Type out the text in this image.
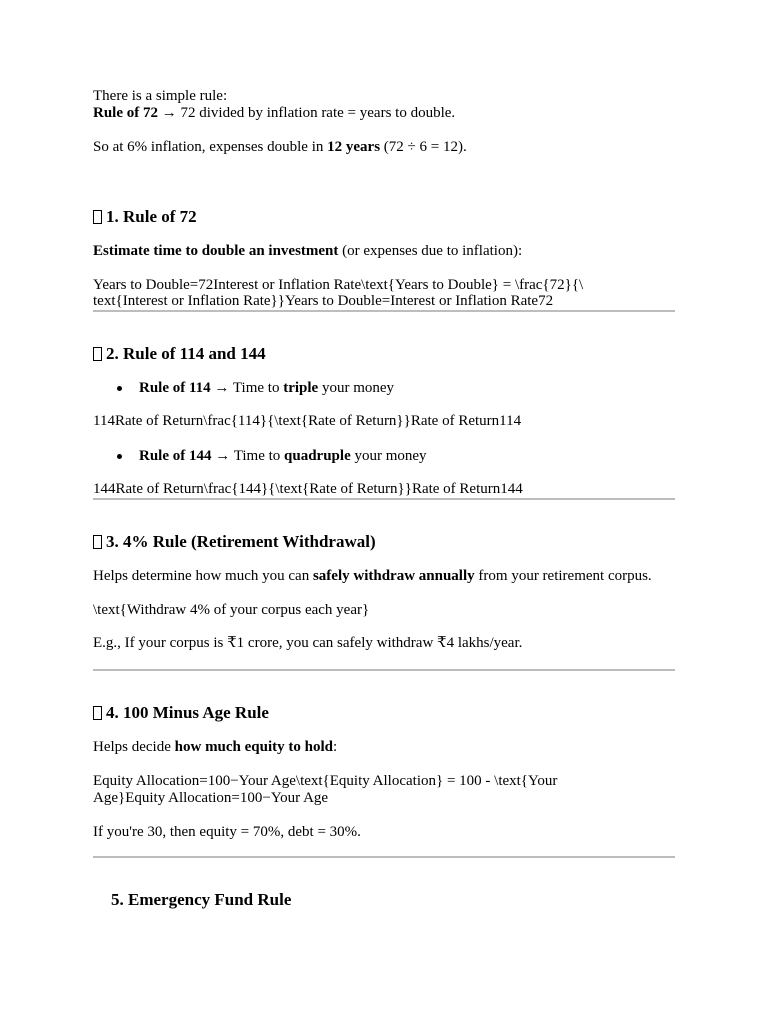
There is a simple rule:
Rule of 72 → 72 divided by inflation rate = years to double.
So at 6% inflation, expenses double in 12 years (72 ÷ 6 = 12).
1. Rule of 72
Estimate time to double an investment (or expenses due to inflation):
Years to Double=72Interest or Inflation Rate\text{Years to Double} = \frac{72}{\
text{Interest or Inflation Rate}}Years to Double=Interest or Inflation Rate72
2. Rule of 114 and 144
Rule of 114 → Time to triple your money
114Rate of Return\frac{114}{\text{Rate of Return}}Rate of Return114
Rule of 144 → Time to quadruple your money
144Rate of Return\frac{144}{\text{Rate of Return}}Rate of Return144
3. 4% Rule (Retirement Withdrawal)
Helps determine how much you can safely withdraw annually from your retirement corpus.
\text{Withdraw 4% of your corpus each year}
E.g., If your corpus is ₹1 crore, you can safely withdraw ₹4 lakhs/year.
4. 100 Minus Age Rule
Helps decide how much equity to hold:
Equity Allocation=100−Your Age\text{Equity Allocation} = 100 - \text{Your
Age}Equity Allocation=100−Your Age
If you're 30, then equity = 70%, debt = 30%.
5. Emergency Fund Rule
